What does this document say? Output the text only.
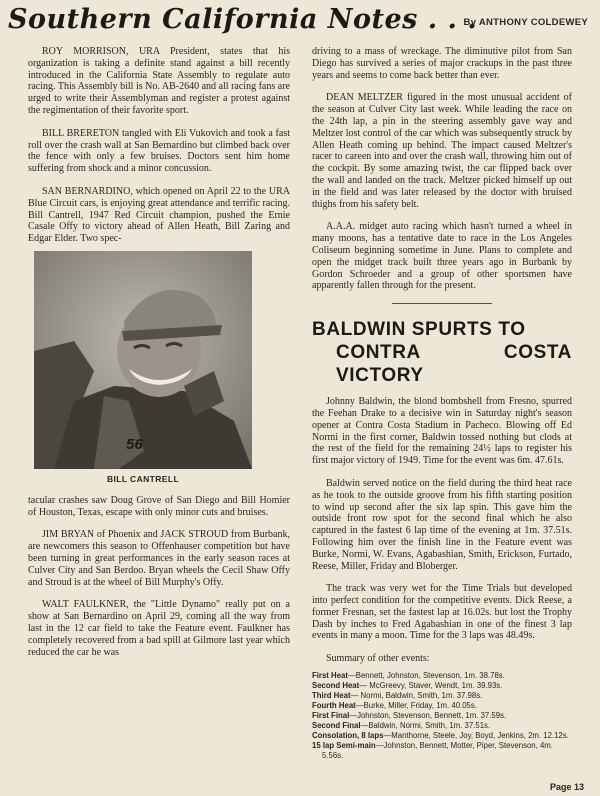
Southern California Notes . . .
By ANTHONY COLDEWEY

ROY MORRISON, URA President, states that his organization is taking a definite stand against a bill recently introduced in the California State Assembly to regulate auto racing. This Assembly bill is No. AB-2640 and all racing fans are urged to write their Assemblyman and register a protest against the regimentation of their favorite sport.

BILL BRERETON tangled with Eli Vukovich and took a fast roll over the crash wall at San Bernardino but climbed back over the fence with only a few bruises. Doctors sent him home suffering from shock and a minor concussion.

SAN BERNARDINO, which opened on April 22 to the URA Blue Circuit cars, is enjoying great attendance and terrific racing. Bill Cantrell, 1947 Red Circuit champion, pushed the Ernie Casale Offy to victory ahead of Allen Heath, Bill Zaring and Edgar Elder. Two spec-

56
BILL CANTRELL

tacular crashes saw Doug Grove of San Diego and Bill Homier of Houston, Texas, escape with only minor cuts and bruises.

JIM BRYAN of Phoenix and JACK STROUD from Burbank, are newcomers this season to Offenhauser competition but have been turning in great performances in the early season races at Culver City and San Berdoo. Bryan wheels the Cecil Shaw Offy and Stroud is at the wheel of Bill Murphy's Offy.

WALT FAULKNER, the "Little Dynamo" really put on a show at San Bernardino on April 29, coming all the way from last in the 12 car field to take the Feature event. Faulkner has completely recovered from a bad spill at Gilmore last year which reduced the car he was

driving to a mass of wreckage. The diminutive pilot from San Diego has survived a series of major crackups in the past three years and seems to come back better than ever.

DEAN MELTZER figured in the most unusual accident of the season at Culver City last week. While leading the race on the 24th lap, a pin in the steering assembly gave way and Meltzer lost control of the car which was subsequently struck by Allen Heath coming up behind. The impact caused Meltzer's racer to careen into and over the crash wall, throwing him out of the cockpit. By some amazing twist, the car flipped back over the wall and landed on the track. Meltzer picked himself up out in the field and was later released by the doctor with bruised thighs from his safety belt.

A.A.A. midget auto racing which hasn't turned a wheel in many moons, has a tentative date to race in the Los Angeles Coliseum beginning sometime in June. Plans to complete and open the midget track built three years ago in Burbank by Gordon Schroeder and a group of other sportsmen have apparently fallen through for the present.

BALDWIN SPURTS TO
CONTRA COSTA VICTORY

Johnny Baldwin, the blond bombshell from Fresno, spurred the Feehan Drake to a decisive win in Saturday night's season opener at Contra Costa Stadium in Pacheco. Blowing off Ed Normi in the first corner, Baldwin tossed nothing but clods at the rest of the field for the remaining 24½ laps to register his first major victory of 1949. Time for the event was 6m. 47.61s.

Baldwin served notice on the field during the third heat race as he took to the outside groove from his fifth starting position to wind up second after the six lap spin. This gave him the outside front row spot for the second final which he also captured in the fastest 6 lap time of the evening at 1m. 37.51s. Following him over the finish line in the Feature event was Burke, Normi, W. Evans, Agabashian, Smith, Erickson, Furtado, Reese, Miller, Friday and Bloberger.

The track was very wet for the Time Trials but developed into perfect condition for the competitive events. Dick Reese, a former Fresnan, set the fastest lap at 16.02s. but lost the Trophy Dash by inches to Fred Agabashian in one of the finest 3 lap events in many a moon. Time for the 3 laps was 48.49s.

Summary of other events:

First Heat—Bennett, Johnston, Stevenson, 1m. 38.78s.
Second Heat— McGreevy, Staver, Wendt, 1m. 39.93s.
Third Heat— Normi, Baldwin, Smith, 1m. 37.98s.
Fourth Heat—Burke, Miller, Friday, 1m. 40.05s.
First Final—Johnston, Stevenson, Bennett, 1m. 37.59s.
Second Final—Baldwin, Normi, Smith, 1m. 37.51s.
Consolation, 8 laps—Manthorne, Steele, Joy, Boyd, Jenkins, 2m. 12.12s.
15 lap Semi-main—Johnston, Bennett, Motter, Piper, Stevenson, 4m. 5.56s.
Page 13
